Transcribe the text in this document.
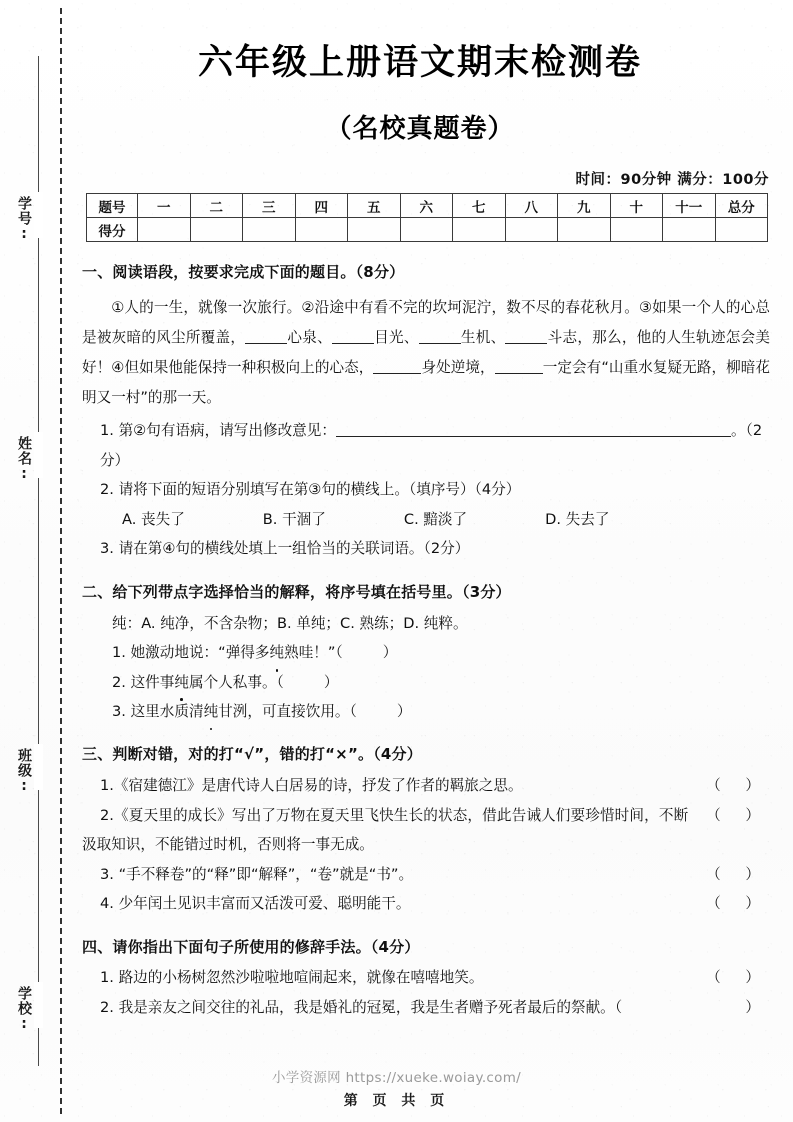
学号:
姓名:
班级:
学校:
六年级上册语文期末检测卷
（名校真题卷）
时间：90分钟 满分：100分
题号	一	二	三	四	五	六	七	八	九	十	十一	总分
得分												
一、阅读语段，按要求完成下面的题目。（8分）
①人的一生，就像一次旅行。②沿途中有看不完的坎坷泥泞，数不尽的春花秋月。③如果一个人的心总是被灰暗的风尘所覆盖，	心泉、	目光、	生机、	斗志，那么，他的人生轨迹怎会美好！④但如果他能保持一种积极向上的心态，	身处逆境，	一定会有“山重水复疑无路，柳暗花明又一村”的那一天。
1. 第②句有语病，请写出修改意见：	。（2分）
2. 请将下面的短语分别填写在第③句的横线上。（填序号）（4分）
A. 丧失了	B. 干涸了	C. 黯淡了	D. 失去了
3. 请在第④句的横线处填上一组恰当的关联词语。（2分）
二、给下列带点字选择恰当的解释，将序号填在括号里。（3分）
纯：A. 纯净，不含杂物；B. 单纯；C. 熟练；D. 纯粹。
1. 她激动地说：“弹得多纯熟哇！”（	）
2. 这件事纯属个人私事。（	）
3. 这里水质清纯甘洌，可直接饮用。（	）
三、判断对错，对的打“√”，错的打“×”。（4分）
（ ）
1.《宿建德江》是唐代诗人白居易的诗，抒发了作者的羁旅之思。
（ ）
2.《夏天里的成长》写出了万物在夏天里飞快生长的状态，借此告诫人们要珍惜时间，不断汲取知识，不能错过时机，否则将一事无成。
（ ）
3. “手不释卷”的“释”即“解释”，“卷”就是“书”。
（ ）
4. 少年闰土见识丰富而又活泼可爱、聪明能干。
四、请你指出下面句子所使用的修辞手法。（4分）
（ ）
1. 路边的小杨树忽然沙啦啦地喧闹起来，就像在嘻嘻地笑。
）
2. 我是亲友之间交往的礼品，我是婚礼的冠冕，我是生者赠予死者最后的祭献。（
小学资源网 https://xueke.woiay.com/
第 页 共 页
